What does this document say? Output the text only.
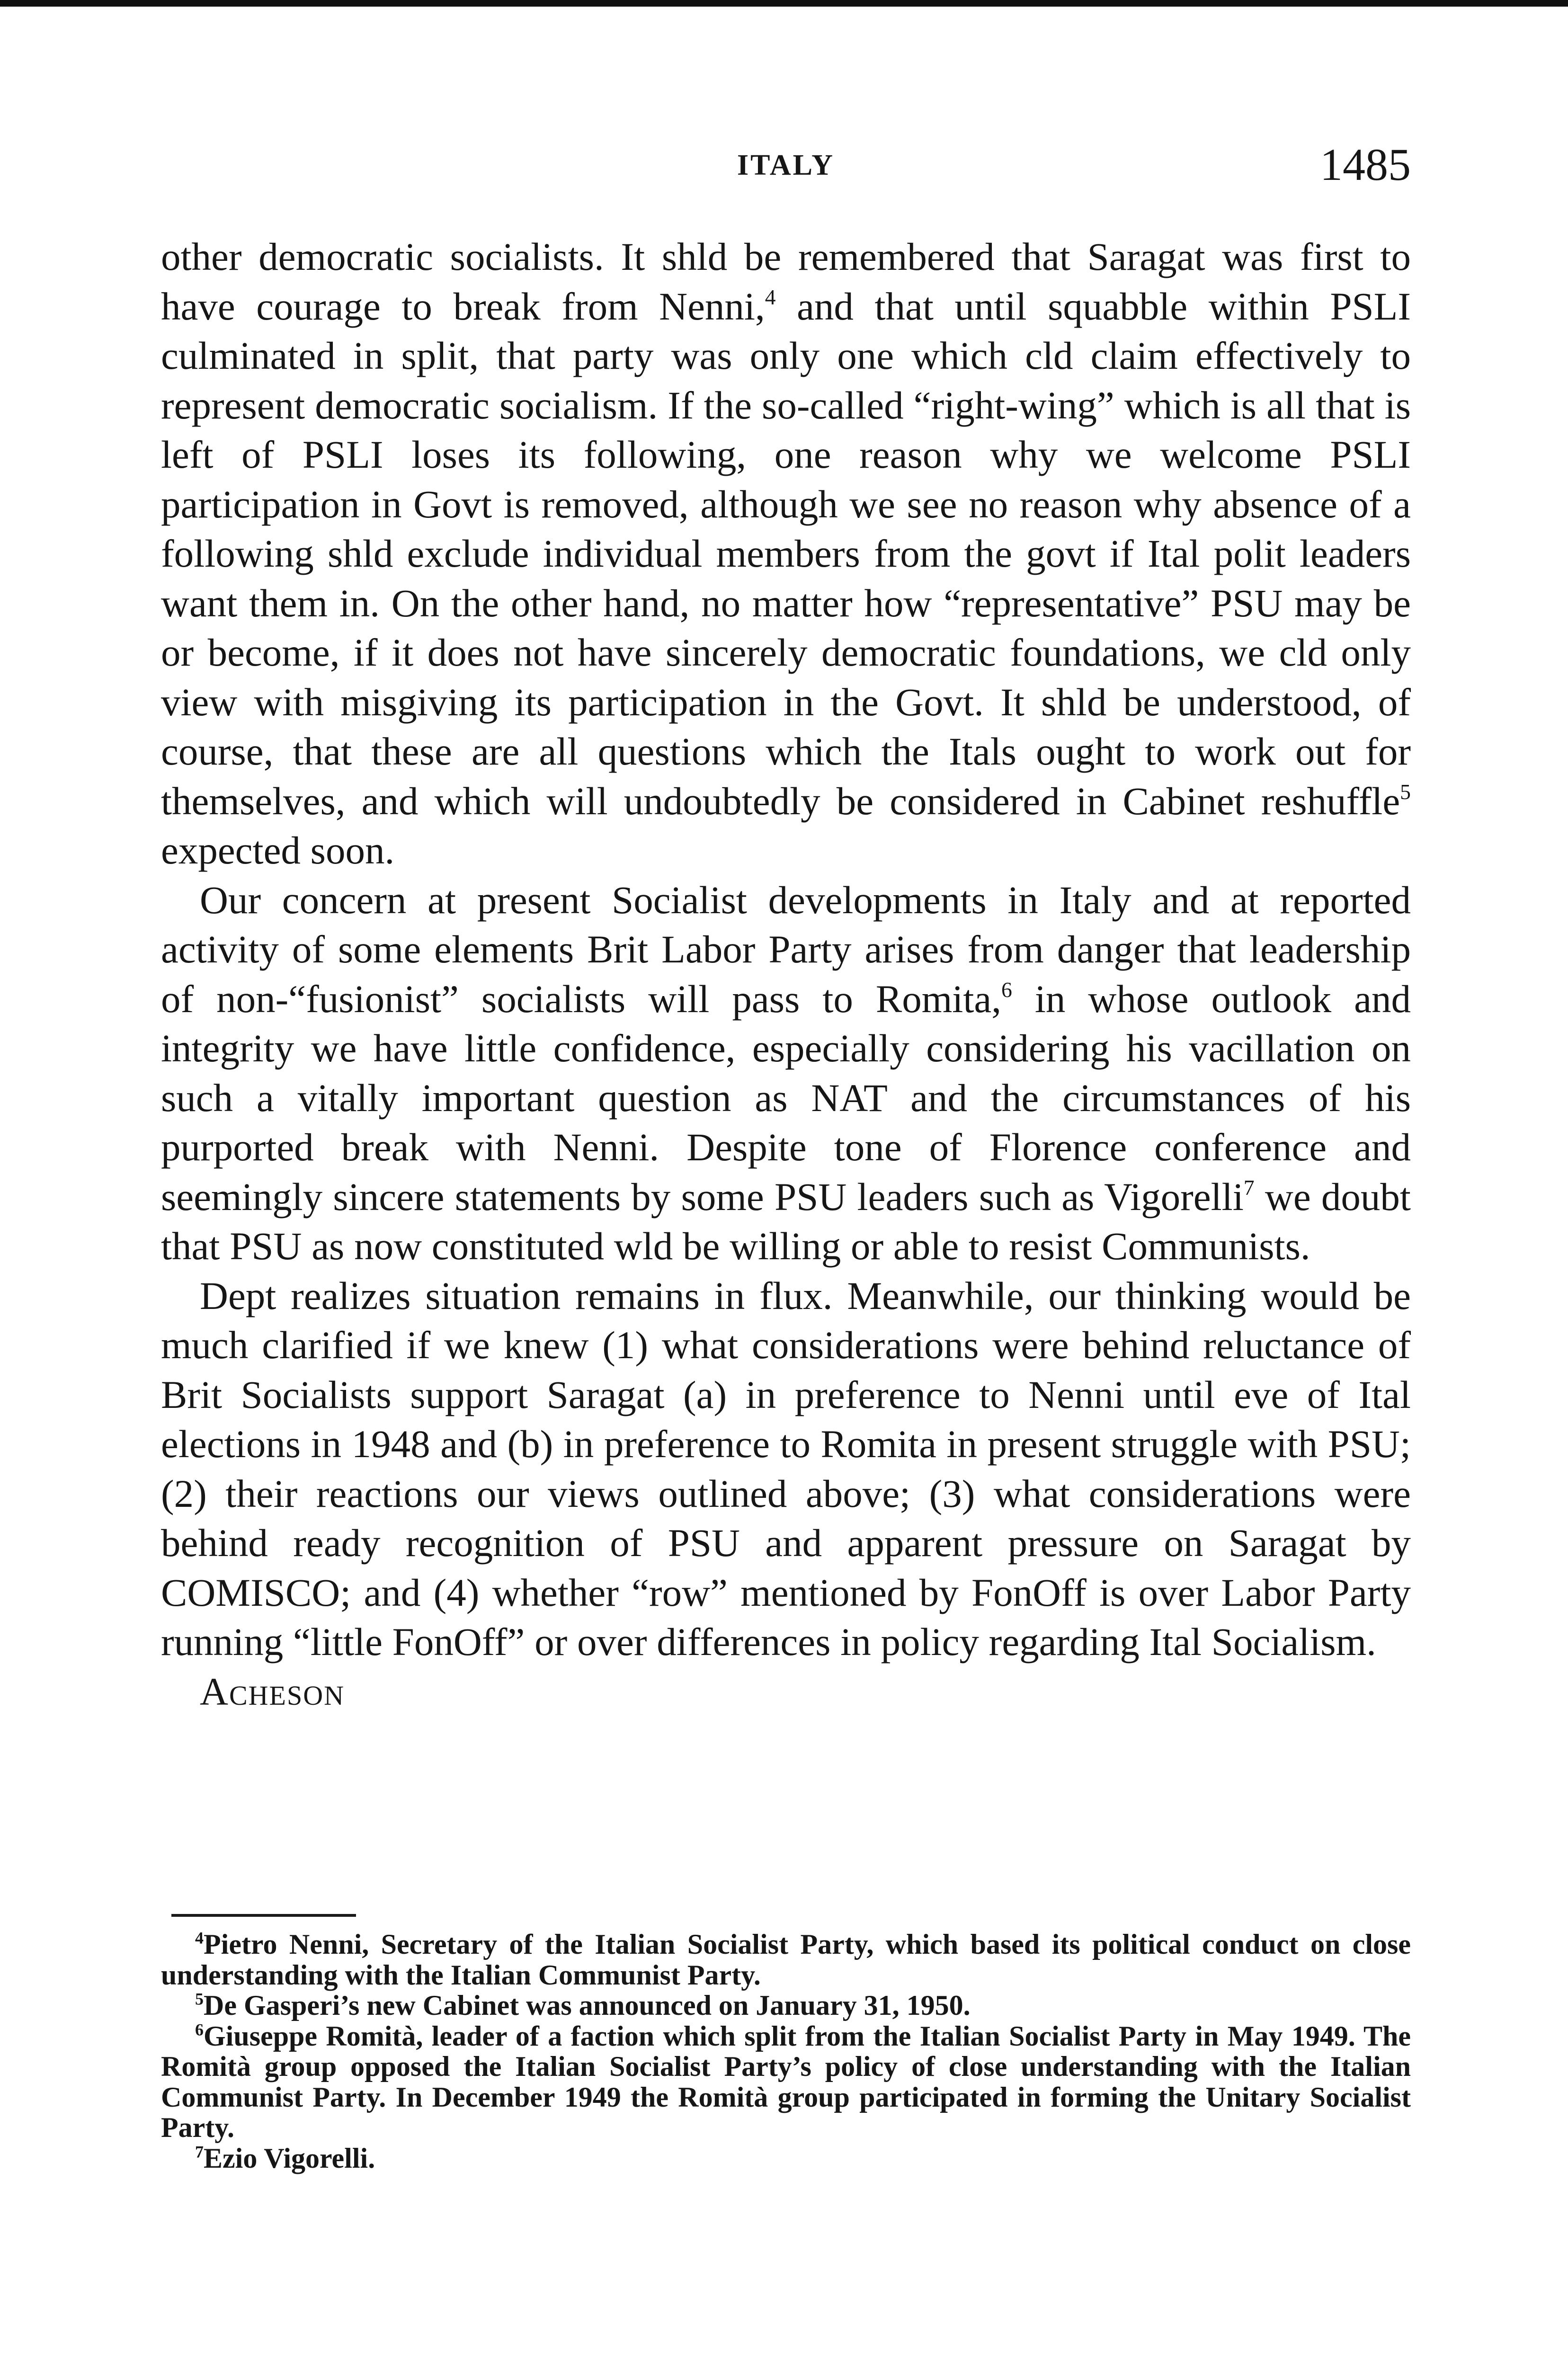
ITALY	1485

other democratic socialists. It shld be remembered that Saragat was first to have courage to break from Nenni,$^4$ and that until squabble within PSLI culminated in split, that party was only one which cld claim effectively to represent democratic socialism. If the so-called “right-wing” which is all that is left of PSLI loses its following, one reason why we welcome PSLI participation in Govt is removed, although we see no reason why absence of a following shld exclude individual members from the govt if Ital polit leaders want them in. On the other hand, no matter how “representative” PSU may be or become, if it does not have sincerely democratic foundations, we cld only view with misgiving its participation in the Govt. It shld be understood, of course, that these are all questions which the Itals ought to work out for themselves, and which will undoubtedly be considered in Cabinet reshuffle$^5$ expected soon.

Our concern at present Socialist developments in Italy and at reported activity of some elements Brit Labor Party arises from danger that leadership of non-“fusionist” socialists will pass to Romita,$^6$ in whose outlook and integrity we have little confidence, especially considering his vacillation on such a vitally important question as NAT and the circumstances of his purported break with Nenni. Despite tone of Florence conference and seemingly sincere statements by some PSU leaders such as Vigorelli$^7$ we doubt that PSU as now constituted wld be willing or able to resist Communists.

Dept realizes situation remains in flux. Meanwhile, our thinking would be much clarified if we knew (1) what considerations were behind reluctance of Brit Socialists support Saragat (a) in preference to Nenni until eve of Ital elections in 1948 and (b) in preference to Romita in present struggle with PSU; (2) their reactions our views outlined above; (3) what considerations were behind ready recognition of PSU and apparent pressure on Saragat by COMISCO; and (4) whether “row” mentioned by FonOff is over Labor Party running “little FonOff” or over differences in policy regarding Ital Socialism.

Acheson

$^4$Pietro Nenni, Secretary of the Italian Socialist Party, which based its political conduct on close understanding with the Italian Communist Party.

$^5$De Gasperi’s new Cabinet was announced on January 31, 1950.

$^6$Giuseppe Romità, leader of a faction which split from the Italian Socialist Party in May 1949. The Romità group opposed the Italian Socialist Party’s policy of close understanding with the Italian Communist Party. In December 1949 the Romità group participated in forming the Unitary Socialist Party.

$^7$Ezio Vigorelli.
